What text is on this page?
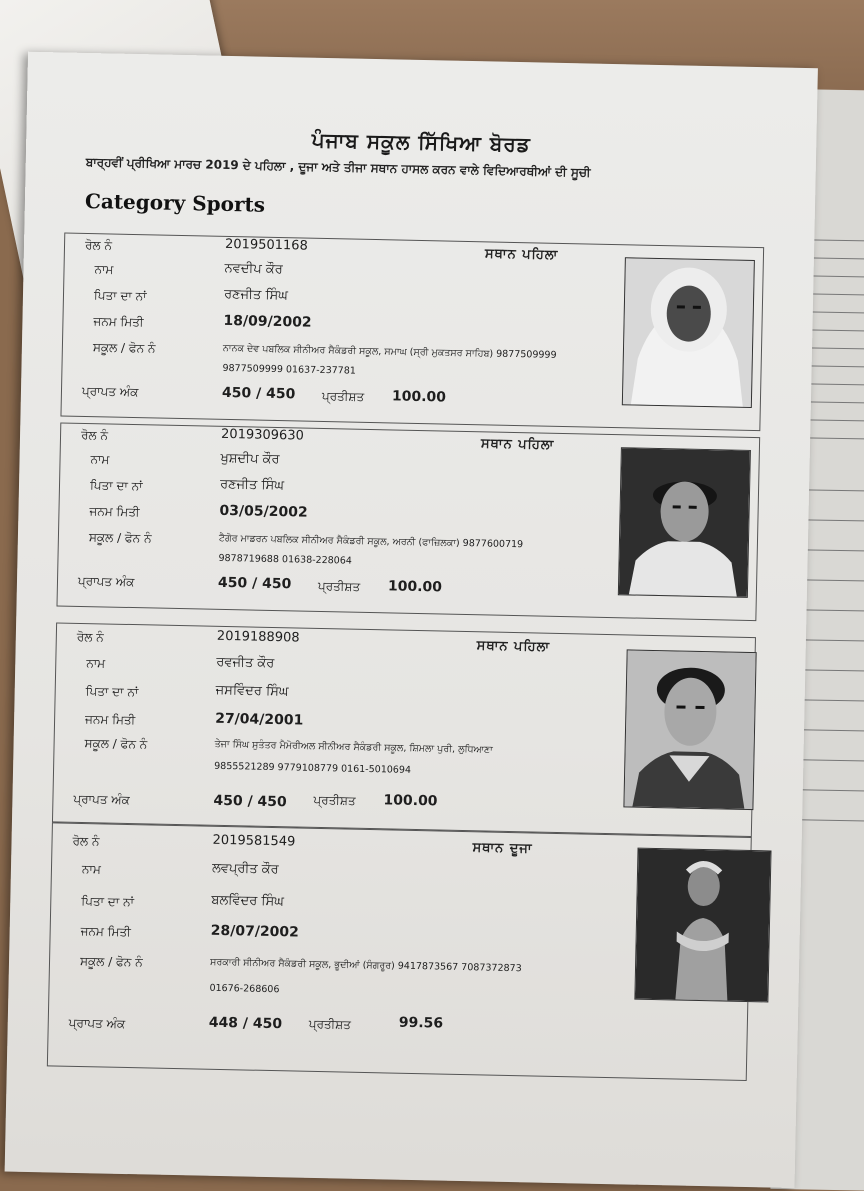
ਪੰਜਾਬ ਸਕੂਲ ਸਿੱਖਿਆ ਬੋਰਡ
ਬਾਰ੍ਹਵੀਂ ਪ੍ਰੀਖਿਆ ਮਾਰਚ 2019 ਦੇ ਪਹਿਲਾ , ਦੂਜਾ ਅਤੇ ਤੀਜਾ ਸਥਾਨ ਹਾਸਲ ਕਰਨ ਵਾਲੇ ਵਿਦਿਆਰਥੀਆਂ ਦੀ ਸੂਚੀ
Category Sports
ਰੋਲ ਨੰ	2019501168
ਸਥਾਨ ਪਹਿਲਾ
ਨਾਮ	ਨਵਦੀਪ ਕੌਰ
ਪਿਤਾ ਦਾ ਨਾਂ	ਰਣਜੀਤ ਸਿੰਘ
ਜਨਮ ਮਿਤੀ	18/09/2002
ਸਕੂਲ / ਫੋਨ ਨੰ	ਨਾਨਕ ਦੇਵ ਪਬਲਿਕ ਸੀਨੀਅਰ ਸੈਕੰਡਰੀ ਸਕੂਲ, ਸਮਾਘ (ਸ੍ਰੀ ਮੁਕਤਸਰ ਸਾਹਿਬ) 9877509999
9877509999 01637-237781
ਪ੍ਰਾਪਤ ਅੰਕ	450 / 450 ਪ੍ਰਤੀਸ਼ਤ 100.00
ਰੋਲ ਨੰ	2019309630
ਸਥਾਨ ਪਹਿਲਾ
ਨਾਮ	ਖੁਸ਼ਦੀਪ ਕੌਰ
ਪਿਤਾ ਦਾ ਨਾਂ	ਰਣਜੀਤ ਸਿੰਘ
ਜਨਮ ਮਿਤੀ	03/05/2002
ਸਕੂਲ / ਫੋਨ ਨੰ	ਟੈਗੋਰ ਮਾਡਰਨ ਪਬਲਿਕ ਸੀਨੀਅਰ ਸੈਕੰਡਰੀ ਸਕੂਲ, ਅਰਨੀ (ਫਾਜ਼ਿਲਕਾ) 9877600719
9878719688 01638-228064
ਪ੍ਰਾਪਤ ਅੰਕ	450 / 450 ਪ੍ਰਤੀਸ਼ਤ 100.00
ਰੋਲ ਨੰ	2019188908
ਸਥਾਨ ਪਹਿਲਾ
ਨਾਮ	ਰਵਜੀਤ ਕੌਰ
ਪਿਤਾ ਦਾ ਨਾਂ	ਜਸਵਿੰਦਰ ਸਿੰਘ
ਜਨਮ ਮਿਤੀ	27/04/2001
ਸਕੂਲ / ਫੋਨ ਨੰ	ਤੇਜਾ ਸਿੰਘ ਸੁਤੰਤਰ ਮੈਮੋਰੀਅਲ ਸੀਨੀਅਰ ਸੈਕੰਡਰੀ ਸਕੂਲ, ਸ਼ਿਮਲਾ ਪੁਰੀ, ਲੁਧਿਆਣਾ
9855521289 9779108779 0161-5010694
ਪ੍ਰਾਪਤ ਅੰਕ	450 / 450 ਪ੍ਰਤੀਸ਼ਤ 100.00
ਰੋਲ ਨੰ	2019581549	ਸਥਾਨ ਦੂਜਾ
ਨਾਮ	ਲਵਪ੍ਰੀਤ ਕੌਰ
ਪਿਤਾ ਦਾ ਨਾਂ	ਬਲਵਿੰਦਰ ਸਿੰਘ
ਜਨਮ ਮਿਤੀ	28/07/2002
ਸਕੂਲ / ਫੋਨ ਨੰ	ਸਰਕਾਰੀ ਸੀਨੀਅਰ ਸੈਕੰਡਰੀ ਸਕੂਲ, ਭੂਦੀਆਂ (ਸੰਗਰੂਰ) 9417873567 7087372873
01676-268606
ਪ੍ਰਾਪਤ ਅੰਕ	448 / 450 ਪ੍ਰਤੀਸ਼ਤ	99.56
